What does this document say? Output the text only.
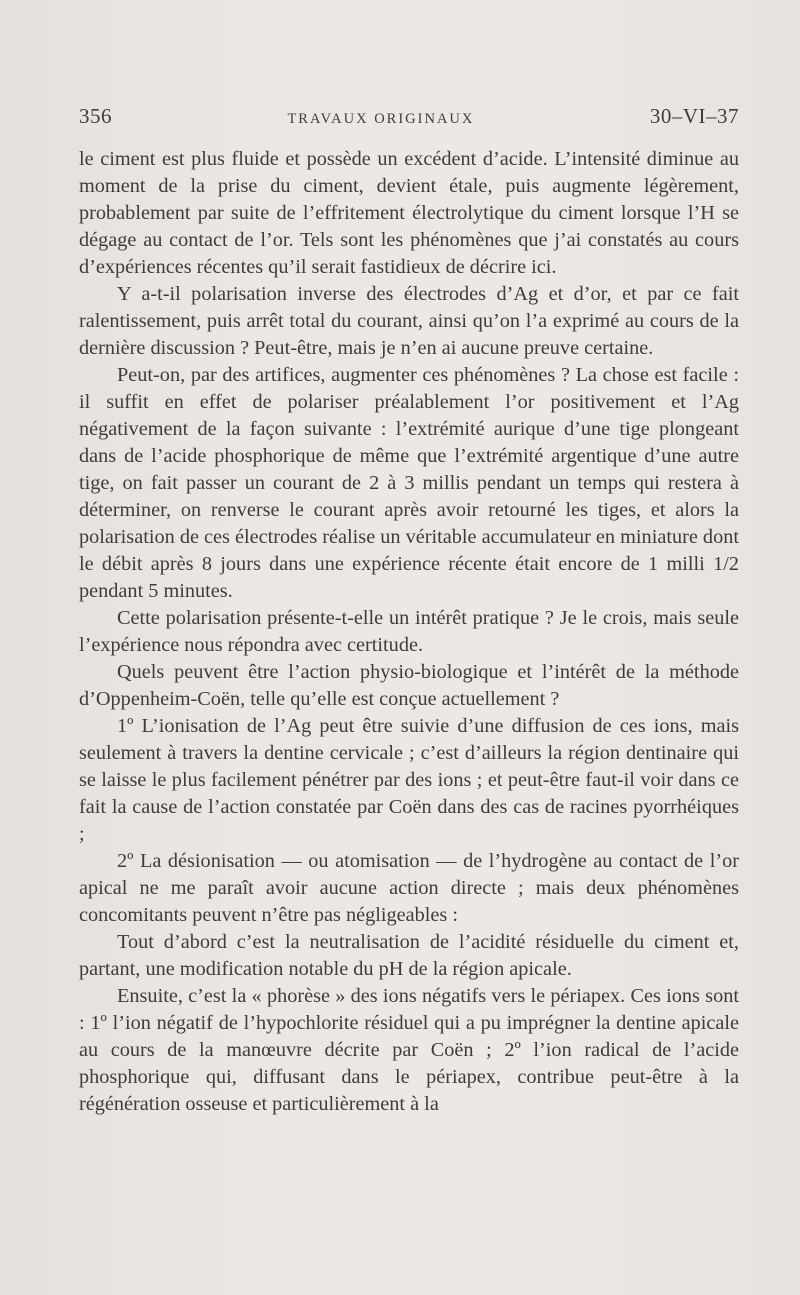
356	TRAVAUX ORIGINAUX	30–VI–37

le ciment est plus fluide et possède un excédent d’acide. L’intensité diminue au moment de la prise du ciment, devient étale, puis augmente légèrement, probablement par suite de l’effritement électrolytique du ciment lorsque l’H se dégage au contact de l’or. Tels sont les phénomènes que j’ai constatés au cours d’expériences récentes qu’il serait fastidieux de décrire ici.

Y a-t-il polarisation inverse des électrodes d’Ag et d’or, et par ce fait ralentissement, puis arrêt total du courant, ainsi qu’on l’a exprimé au cours de la dernière discussion ? Peut-être, mais je n’en ai aucune preuve certaine.

Peut-on, par des artifices, augmenter ces phénomènes ? La chose est facile : il suffit en effet de polariser préalablement l’or positivement et l’Ag négativement de la façon suivante : l’extrémité aurique d’une tige plongeant dans de l’acide phosphorique de même que l’extrémité argentique d’une autre tige, on fait passer un courant de 2 à 3 millis pendant un temps qui restera à déterminer, on renverse le courant après avoir retourné les tiges, et alors la polarisation de ces électrodes réalise un véritable accumulateur en miniature dont le débit après 8 jours dans une expérience récente était encore de 1 milli 1/2 pendant 5 minutes.

Cette polarisation présente-t-elle un intérêt pratique ? Je le crois, mais seule l’expérience nous répondra avec certitude.

Quels peuvent être l’action physio-biologique et l’intérêt de la méthode d’Oppenheim-Coën, telle qu’elle est conçue actuellement ?

1º L’ionisation de l’Ag peut être suivie d’une diffusion de ces ions, mais seulement à travers la dentine cervicale ; c’est d’ailleurs la région dentinaire qui se laisse le plus facilement pénétrer par des ions ; et peut-être faut-il voir dans ce fait la cause de l’action constatée par Coën dans des cas de racines pyorrhéiques ;

2º La désionisation — ou atomisation — de l’hydrogène au contact de l’or apical ne me paraît avoir aucune action directe ; mais deux phénomènes concomitants peuvent n’être pas négligeables :

Tout d’abord c’est la neutralisation de l’acidité résiduelle du ciment et, partant, une modification notable du pH de la région apicale.

Ensuite, c’est la « phorèse » des ions négatifs vers le périapex. Ces ions sont : 1º l’ion négatif de l’hypochlorite résiduel qui a pu imprégner la dentine apicale au cours de la manœuvre décrite par Coën ; 2º l’ion radical de l’acide phosphorique qui, diffusant dans le périapex, contribue peut-être à la régénération osseuse et particulièrement à la
